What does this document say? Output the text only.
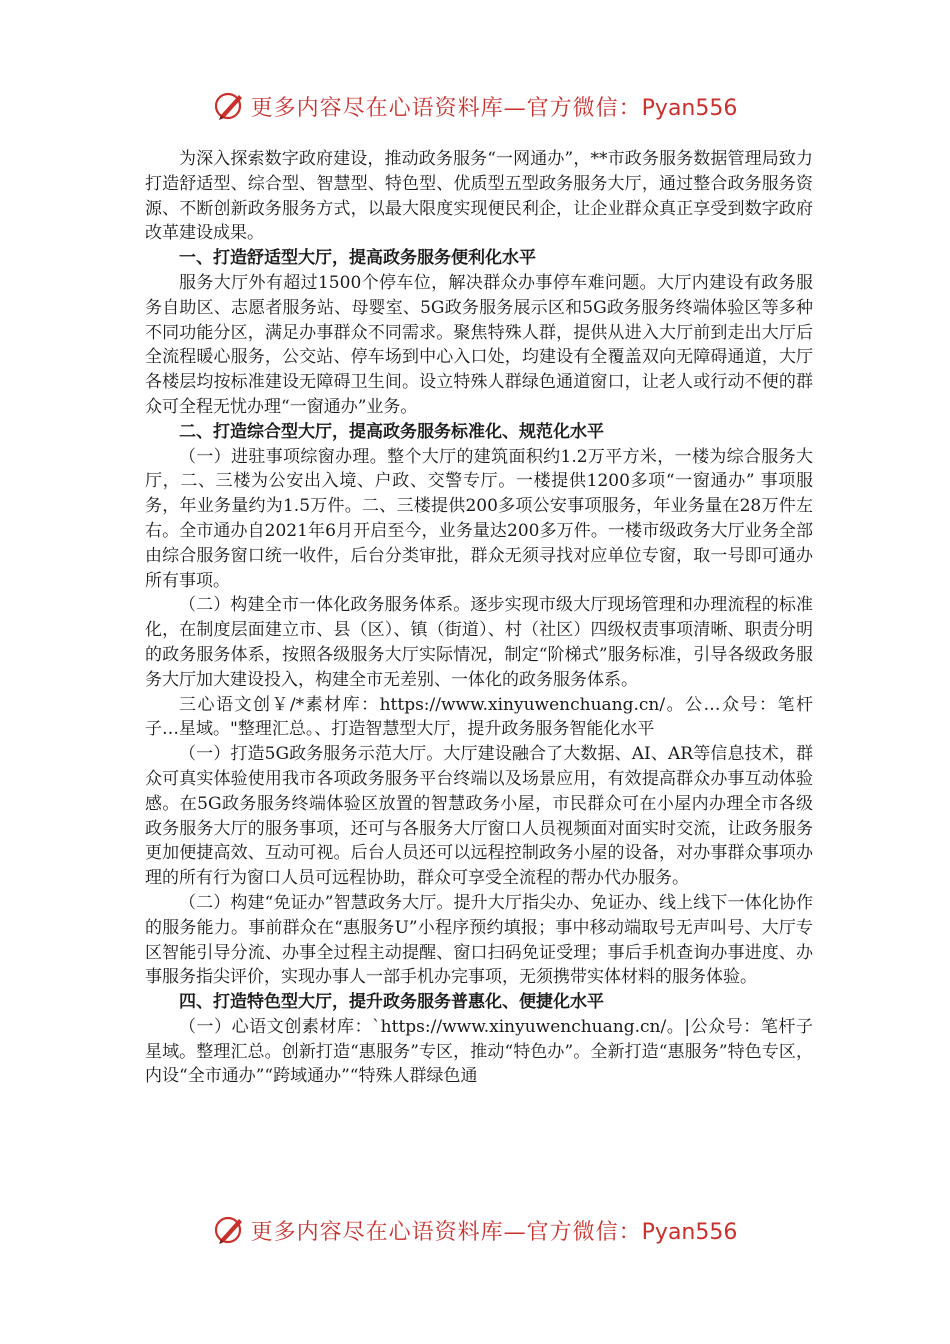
更多内容尽在心语资料库—官方微信：Pyan556

为深入探索数字政府建设，推动政务服务“一网通办”，**市政务服务数据管理局致力打造舒适型、综合型、智慧型、特色型、优质型五型政务服务大厅，通过整合政务服务资源、不断创新政务服务方式，以最大限度实现便民利企，让企业群众真正享受到数字政府改革建设成果。

一、打造舒适型大厅，提高政务服务便利化水平

服务大厅外有超过1500个停车位，解决群众办事停车难问题。大厅内建设有政务服务自助区、志愿者服务站、母婴室、5G政务服务展示区和5G政务服务终端体验区等多种不同功能分区，满足办事群众不同需求。聚焦特殊人群，提供从进入大厅前到走出大厅后全流程暖心服务，公交站、停车场到中心入口处，均建设有全覆盖双向无障碍通道，大厅各楼层均按标准建设无障碍卫生间。设立特殊人群绿色通道窗口，让老人或行动不便的群众可全程无忧办理“一窗通办”业务。

二、打造综合型大厅，提高政务服务标准化、规范化水平

（一）进驻事项综窗办理。整个大厅的建筑面积约1.2万平方米，一楼为综合服务大厅，二、三楼为公安出入境、户政、交警专厅。一楼提供1200多项“一窗通办” 事项服务，年业务量约为1.5万件。二、三楼提供200多项公安事项服务，年业务量在28万件左右。全市通办自2021年6月开启至今，业务量达200多万件。一楼市级政务大厅业务全部由综合服务窗口统一收件，后台分类审批，群众无须寻找对应单位专窗，取一号即可通办所有事项。

（二）构建全市一体化政务服务体系。逐步实现市级大厅现场管理和办理流程的标准化，在制度层面建立市、县（区）、镇（街道）、村（社区）四级权责事项清晰、职责分明的政务服务体系，按照各级服务大厅实际情况，制定“阶梯式”服务标准，引导各级政务服务大厅加大建设投入，构建全市无差别、一体化的政务服务体系。

三心语文创￥/*素材库：https://www.xinyuwenchuang.cn/。公…众号：笔杆子…星域。"整理汇总。、打造智慧型大厅，提升政务服务智能化水平

（一）打造5G政务服务示范大厅。大厅建设融合了大数据、AI、AR等信息技术，群众可真实体验使用我市各项政务服务平台终端以及场景应用，有效提高群众办事互动体验感。在5G政务服务终端体验区放置的智慧政务小屋，市民群众可在小屋内办理全市各级政务服务大厅的服务事项，还可与各服务大厅窗口人员视频面对面实时交流，让政务服务更加便捷高效、互动可视。后台人员还可以远程控制政务小屋的设备，对办事群众事项办理的所有行为窗口人员可远程协助，群众可享受全流程的帮办代办服务。

（二）构建“免证办”智慧政务大厅。提升大厅指尖办、免证办、线上线下一体化协作的服务能力。事前群众在“惠服务U”小程序预约填报；事中移动端取号无声叫号、大厅专区智能引导分流、办事全过程主动提醒、窗口扫码免证受理；事后手机查询办事进度、办事服务指尖评价，实现办事人一部手机办完事项，无须携带实体材料的服务体验。

四、打造特色型大厅，提升政务服务普惠化、便捷化水平

（一）心语文创素材库：`https://www.xinyuwenchuang.cn/。|公众号：笔杆子星域。整理汇总。创新打造“惠服务”专区，推动“特色办”。全新打造“惠服务”特色专区，内设“全市通办”“跨域通办”“特殊人群绿色通

更多内容尽在心语资料库—官方微信：Pyan556
